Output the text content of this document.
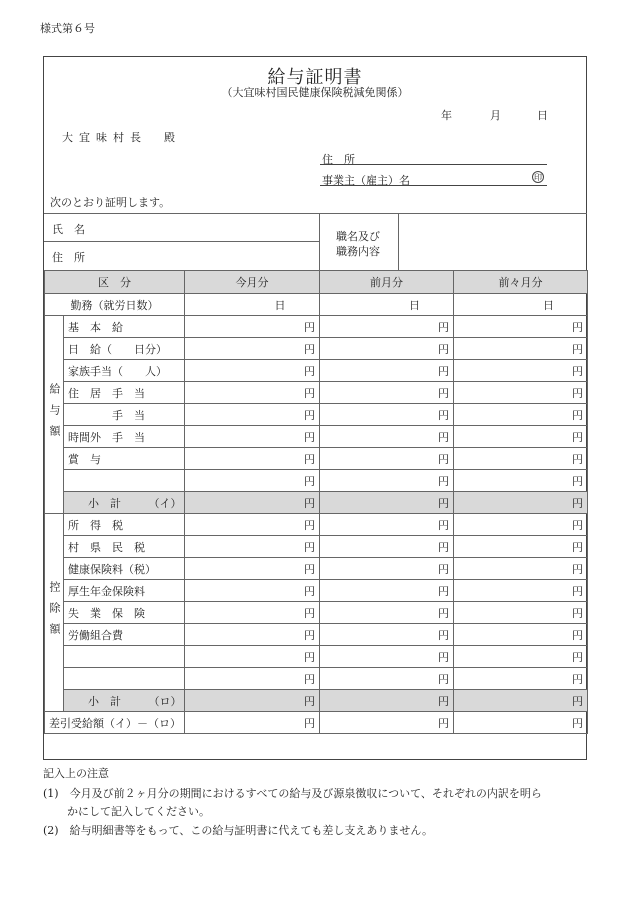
様式第６号
給与証明書
（大宜味村国民健康保険税減免関係）
年	月	日
大宜味村長　殿
住　所
事業主（雇主）名	印
次のとおり証明します。
氏　名
住　所
職名及び
職務内容
区　分		今月分	前月分	前々月分
勤務（就労日数）		日	日	日
給与額	基　本　給	円	円	円
	日　給（　　日分）	円	円	円
	家族手当（　　人）	円	円	円
	住　居　手　当	円	円	円
	　　　　手　当	円	円	円
	時間外　手　当	円	円	円
	賞　与	円	円	円
		円	円	円
	小　計　　　（イ）	円	円	円
控除額	所　得　税	円	円	円
	村　県　民　税	円	円	円
	健康保険料（税）	円	円	円
	厚生年金保険料	円	円	円
	失　業　保　険	円	円	円
	労働組合費	円	円	円
		円	円	円
		円	円	円
	小　計　　　（ロ）	円	円	円
差引受給額（イ）－（ロ）		円	円	円
記入上の注意
(1)　今月及び前２ヶ月分の期間におけるすべての給与及び源泉徴収について、それぞれの内訳を明ら
かにして記入してください。
(2)　給与明細書等をもって、この給与証明書に代えても差し支えありません。
